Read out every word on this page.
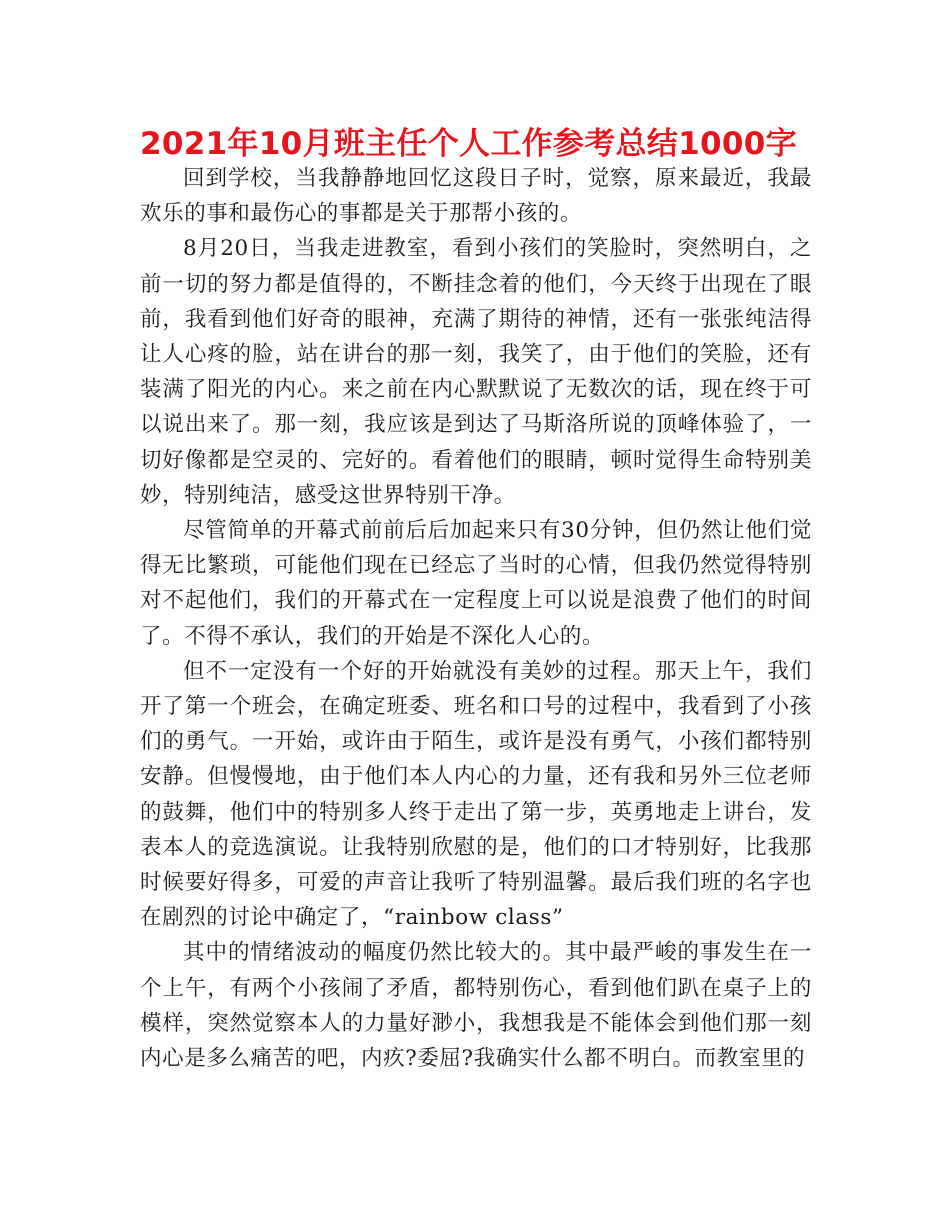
2021年10月班主任个人工作参考总结1000字

回到学校，当我静静地回忆这段日子时，觉察，原来最近，我最欢乐的事和最伤心的事都是关于那帮小孩的。

8月20日，当我走进教室，看到小孩们的笑脸时，突然明白，之前一切的努力都是值得的，不断挂念着的他们，今天终于出现在了眼前，我看到他们好奇的眼神，充满了期待的神情，还有一张张纯洁得让人心疼的脸，站在讲台的那一刻，我笑了，由于他们的笑脸，还有装满了阳光的内心。来之前在内心默默说了无数次的话，现在终于可以说出来了。那一刻，我应该是到达了马斯洛所说的顶峰体验了，一切好像都是空灵的、完好的。看着他们的眼睛，顿时觉得生命特别美妙，特别纯洁，感受这世界特别干净。

尽管简单的开幕式前前后后加起来只有30分钟，但仍然让他们觉得无比繁琐，可能他们现在已经忘了当时的心情，但我仍然觉得特别对不起他们，我们的开幕式在一定程度上可以说是浪费了他们的时间了。不得不承认，我们的开始是不深化人心的。

但不一定没有一个好的开始就没有美妙的过程。那天上午，我们开了第一个班会，在确定班委、班名和口号的过程中，我看到了小孩们的勇气。一开始，或许由于陌生，或许是没有勇气，小孩们都特别安静。但慢慢地，由于他们本人内心的力量，还有我和另外三位老师的鼓舞，他们中的特别多人终于走出了第一步，英勇地走上讲台，发表本人的竞选演说。让我特别欣慰的是，他们的口才特别好，比我那时候要好得多，可爱的声音让我听了特别温馨。最后我们班的名字也在剧烈的讨论中确定了，“rainbow class”

其中的情绪波动的幅度仍然比较大的。其中最严峻的事发生在一个上午，有两个小孩闹了矛盾，都特别伤心，看到他们趴在桌子上的模样，突然觉察本人的力量好渺小，我想我是不能体会到他们那一刻内心是多么痛苦的吧，内疚?委屈?我确实什么都不明白。而教室里的
